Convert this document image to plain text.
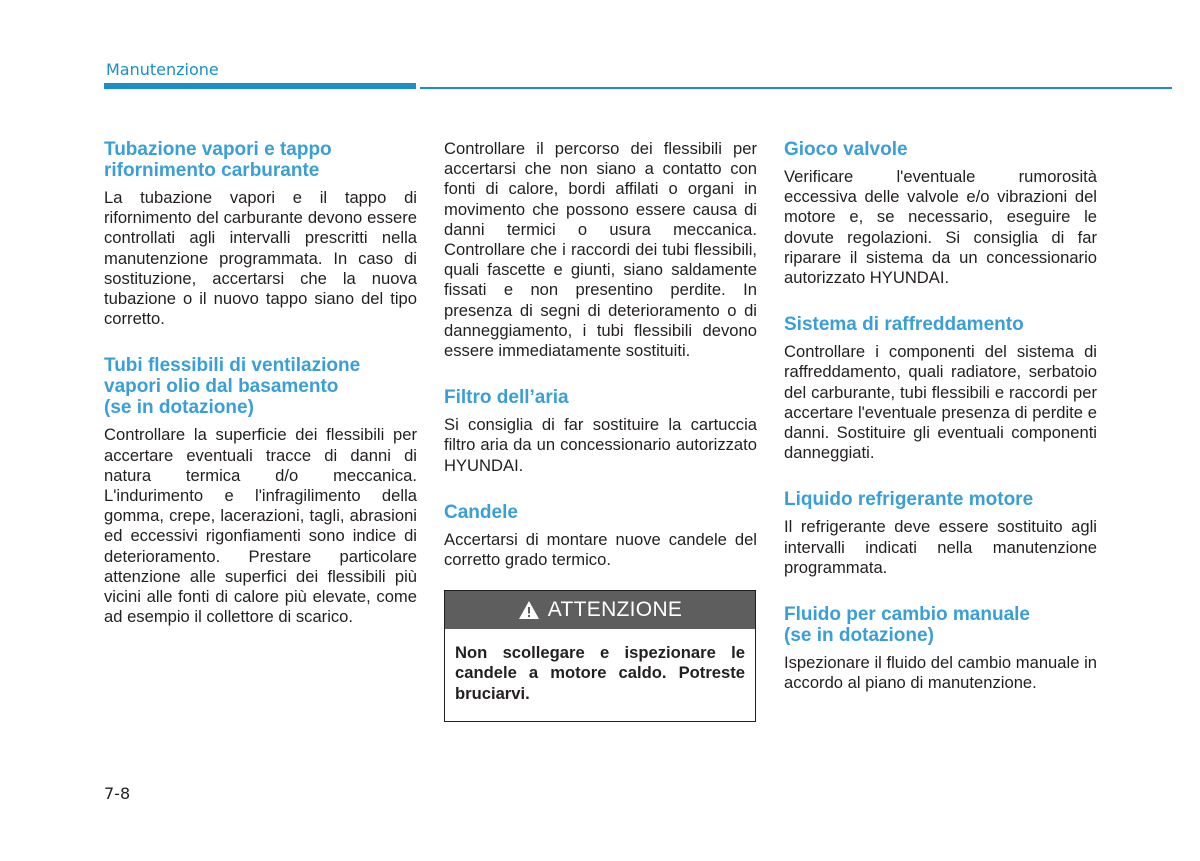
Manutenzione
Tubazione vapori e tappo
rifornimento carburante

La tubazione vapori e il tappo di rifornimento del carburante devono essere controllati agli intervalli prescritti nella manutenzione programmata. In caso di sostituzione, accertarsi che la nuova tubazione o il nuovo tappo siano del tipo corretto.

Tubi flessibili di ventilazione
vapori olio dal basamento
(se in dotazione)

Controllare la superficie dei flessibili per accertare eventuali tracce di danni di natura termica d/o meccanica. L'indurimento e l'infragilimento della gomma, crepe, lacerazioni, tagli, abrasioni ed eccessivi rigonfiamenti sono indice di deterioramento. Prestare particolare attenzione alle superfici dei flessibili più vicini alle fonti di calore più elevate, come ad esempio il collettore di scarico.

Controllare il percorso dei flessibili per accertarsi che non siano a contatto con fonti di calore, bordi affilati o organi in movimento che possono essere causa di danni termici o usura meccanica. Controllare che i raccordi dei tubi flessibili, quali fascette e giunti, siano saldamente fissati e non presentino perdite. In presenza di segni di deterioramento o di danneggiamento, i tubi flessibili devono essere immediatamente sostituiti.

Filtro dell’aria

Si consiglia di far sostituire la cartuccia filtro aria da un concessionario autorizzato HYUNDAI.

Candele

Accertarsi di montare nuove candele del corretto grado termico.

ATTENZIONE
Non scollegare e ispezionare le candele a motore caldo. Potreste bruciarvi.
Gioco valvole

Verificare l'eventuale rumorosità eccessiva delle valvole e/o vibrazioni del motore e, se necessario, eseguire le dovute regolazioni. Si consiglia di far riparare il sistema da un concessionario autorizzato HYUNDAI.

Sistema di raffreddamento

Controllare i componenti del sistema di raffreddamento, quali radiatore, serbatoio del carburante, tubi flessibili e raccordi per accertare l'eventuale presenza di perdite e danni. Sostituire gli eventuali componenti danneggiati.

Liquido refrigerante motore

Il refrigerante deve essere sostituito agli intervalli indicati nella manutenzione programmata.

Fluido per cambio manuale
(se in dotazione)

Ispezionare il fluido del cambio manuale in accordo al piano di manutenzione.

7-8
